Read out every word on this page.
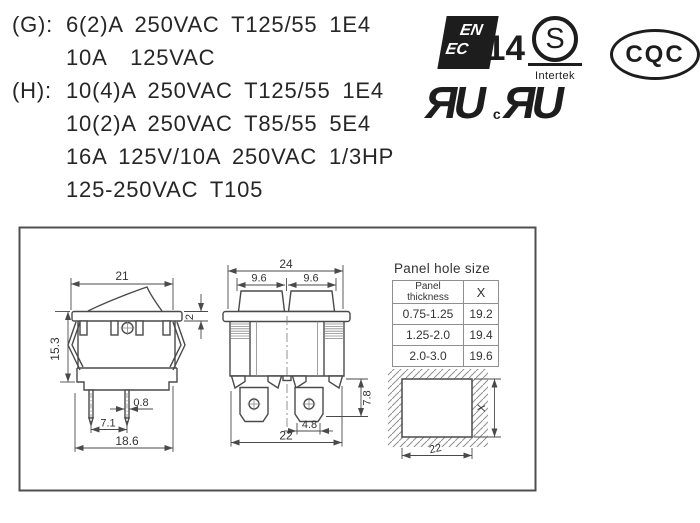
(G): 6(2)A 250VAC T125/55 1E4
10A  125VAC
(H): 10(4)A 250VAC T125/55 1E4
10(2)A 250VAC T85/55 5E4
16A 125V/10A 250VAC 1/3HP
125-250VAC T105
EN
EC 14 S
Intertek
CQC
ЯU c
ЯU
21
2
15.3
0.8
7.1
18.6
24
9.6	9.6
7.8
4.8
22
X
22
Panel hole size
Panel thickness	X
0.75-1.25	19.2
1.25-2.0	19.4
2.0-3.0	19.6
